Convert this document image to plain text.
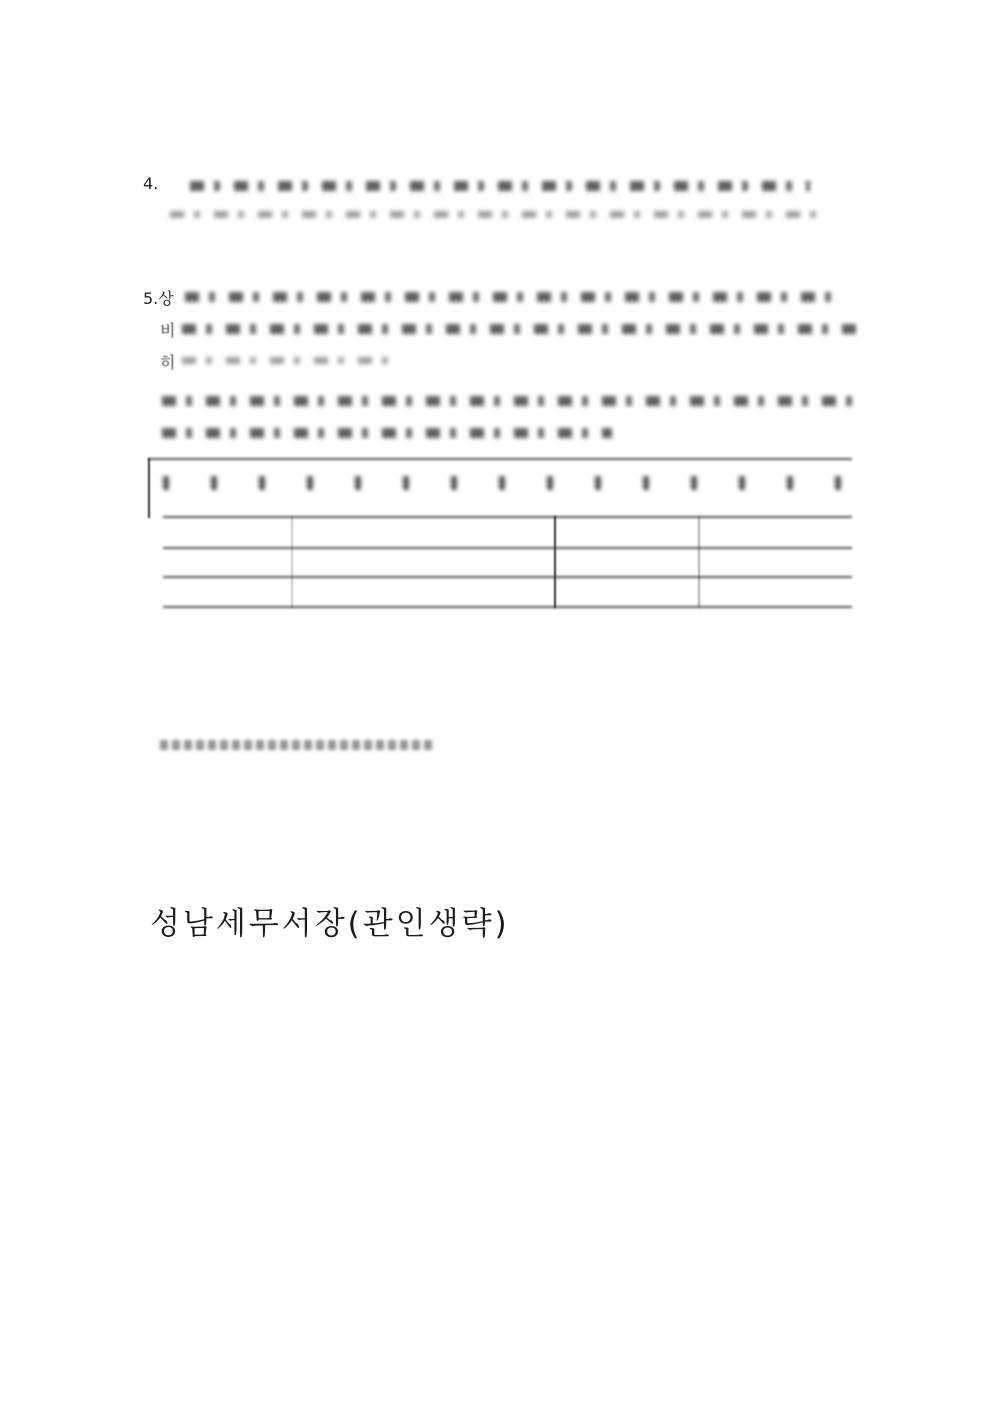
4.
5.상
비
히
성남세무서장(관인생략)
